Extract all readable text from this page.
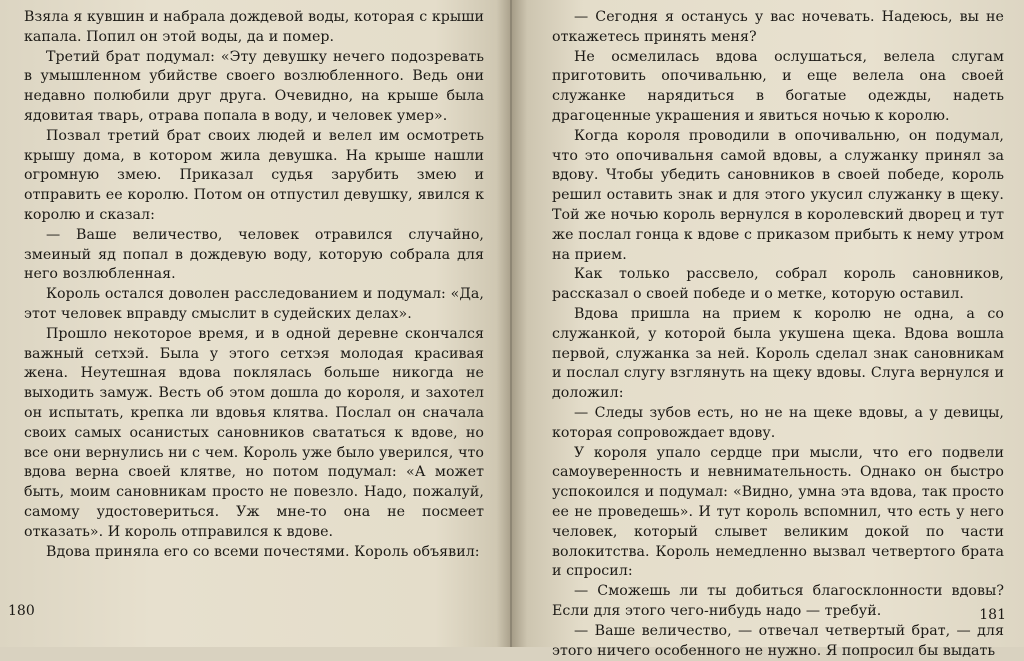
Взяла я кувшин и набрала дождевой воды, которая с крыши капала. Попил он этой воды, да и помер.

Третий брат подумал: «Эту девушку нечего подозревать в умышленном убийстве своего возлюбленного. Ведь они недавно полюбили друг друга. Очевидно, на крыше была ядовитая тварь, отрава попала в воду, и человек умер».

Позвал третий брат своих людей и велел им осмотреть крышу дома, в котором жила девушка. На крыше нашли огромную змею. Приказал судья зарубить змею и отправить ее королю. Потом он отпустил девушку, явился к королю и сказал:

— Ваше величество, человек отравился случайно, змеиный яд попал в дождевую воду, которую собрала для него возлюбленная.

Король остался доволен расследованием и подумал: «Да, этот человек вправду смыслит в судейских делах».

Прошло некоторое время, и в одной деревне скончался важный сетхэй. Была у этого сетхэя молодая красивая жена. Неутешная вдова поклялась больше никогда не выходить замуж. Весть об этом дошла до короля, и захотел он испытать, крепка ли вдовья клятва. Послал он сначала своих самых осанистых сановников свататься к вдове, но все они вернулись ни с чем. Король уже было уверился, что вдова верна своей клятве, но потом подумал: «А может быть, моим сановникам просто не повезло. Надо, пожалуй, самому удостовериться. Уж мне-то она не посмеет отказать». И король отправился к вдове.

Вдова приняла его со всеми почестями. Король объявил:

180

— Сегодня я останусь у вас ночевать. Надеюсь, вы не откажетесь принять меня?

Не осмелилась вдова ослушаться, велела слугам приготовить опочивальню, и еще велела она своей служанке нарядиться в богатые одежды, надеть драгоценные украшения и явиться ночью к королю.

Когда короля проводили в опочивальню, он подумал, что это опочивальня самой вдовы, а служанку принял за вдову. Чтобы убедить сановников в своей победе, король решил оставить знак и для этого укусил служанку в щеку. Той же ночью король вернулся в королевский дворец и тут же послал гонца к вдове с приказом прибыть к нему утром на прием.

Как только рассвело, собрал король сановников, рассказал о своей победе и о метке, которую оставил.

Вдова пришла на прием к королю не одна, а со служанкой, у которой была укушена щека. Вдова вошла первой, служанка за ней. Король сделал знак сановникам и послал слугу взглянуть на щеку вдовы. Слуга вернулся и доложил:

— Следы зубов есть, но не на щеке вдовы, а у девицы, которая сопровождает вдову.

У короля упало сердце при мысли, что его подвели самоуверенность и невнимательность. Однако он быстро успокоился и подумал: «Видно, умна эта вдова, так просто ее не проведешь». И тут король вспомнил, что есть у него человек, который слывет великим докой по части волокитства. Король немедленно вызвал четвертого брата и спросил:

— Сможешь ли ты добиться благосклонности вдовы? Если для этого чего-нибудь надо — требуй.

— Ваше величество, — отвечал четвертый брат, — для этого ничего особенного не нужно. Я попросил бы выдать

181
